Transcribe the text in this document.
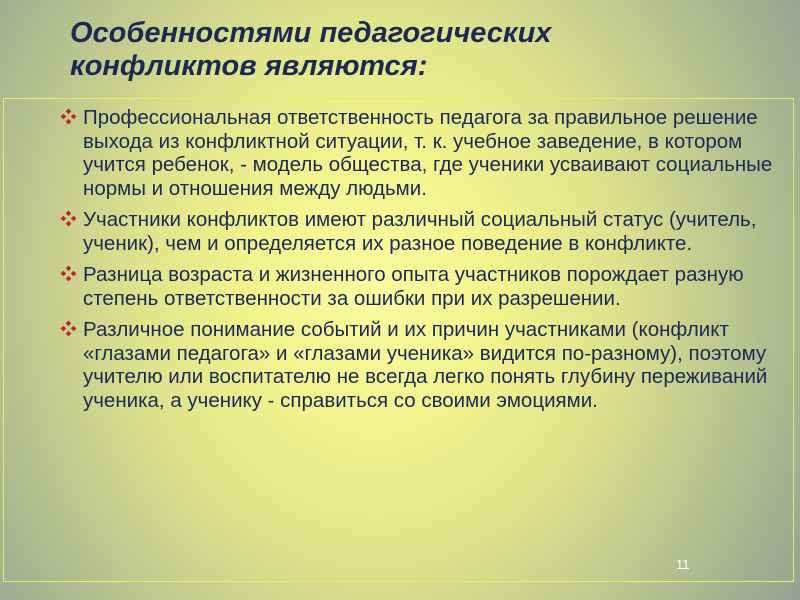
Особенностями педагогических
конфликтов являются:
Профессиональная ответственность педагога за правильное решение выхода из конфликтной ситуации, т. к. учебное заведение, в котором учится ребенок, - модель общества, где ученики усваивают социальные нормы и отношения между людьми.
Участники конфликтов имеют различный социальный статус (учитель, ученик), чем и определяется их разное поведение в конфликте.
Разница возраста и жизненного опыта участников порождает разную степень ответственности за ошибки при их разрешении.
Различное понимание событий и их причин участниками (конфликт «глазами педагога» и «глазами ученика» видится по-разному), поэтому учителю или воспитателю не всегда легко понять глубину переживаний ученика, а ученику - справиться со своими эмоциями.
11
